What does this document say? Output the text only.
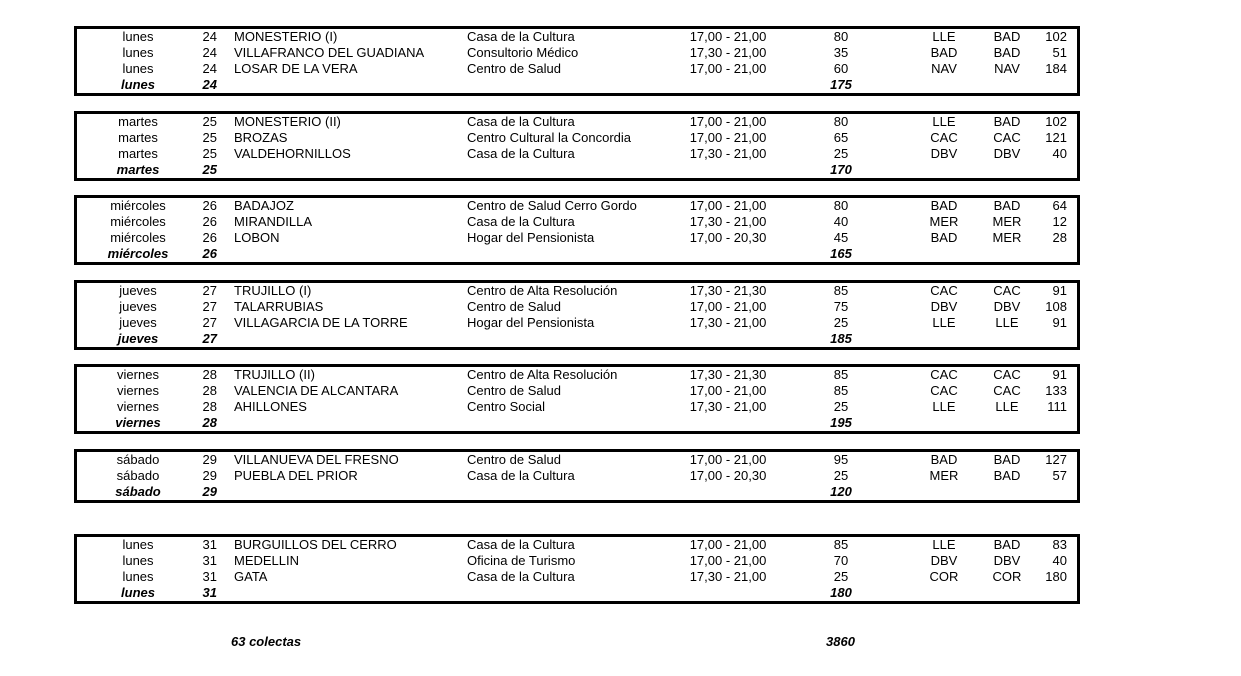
lunes	24 MONESTERIO (I)	Casa de la Cultura	17,00 - 21,00	80	LLE	BAD	102
lunes	24 VILLAFRANCO DEL GUADIANA	Consultorio Médico	17,30 - 21,00	35	BAD	BAD	51
lunes	24 LOSAR DE LA VERA	Centro de Salud	17,00 - 21,00	60	NAV	NAV	184
lunes	24	175
martes	25 MONESTERIO (II)	Casa de la Cultura	17,00 - 21,00	80	LLE	BAD	102
martes	25 BROZAS	Centro Cultural la Concordia	17,00 - 21,00	65	CAC	CAC	121
martes	25 VALDEHORNILLOS	Casa de la Cultura	17,30 - 21,00	25	DBV	DBV	40
martes	25	170
miércoles	26 BADAJOZ	Centro de Salud Cerro Gordo	17,00 - 21,00	80	BAD	BAD	64
miércoles	26 MIRANDILLA	Casa de la Cultura	17,30 - 21,00	40	MER	MER	12
miércoles	26 LOBON	Hogar del Pensionista	17,00 - 20,30	45	BAD	MER	28
miércoles	26	165
jueves	27 TRUJILLO (I)	Centro de Alta Resolución	17,30 - 21,30	85	CAC	CAC	91
jueves	27 TALARRUBIAS	Centro de Salud	17,00 - 21,00	75	DBV	DBV	108
jueves	27 VILLAGARCIA DE LA TORRE	Hogar del Pensionista	17,30 - 21,00	25	LLE	LLE	91
jueves	27	185
viernes	28 TRUJILLO (II)	Centro de Alta Resolución	17,30 - 21,30	85	CAC	CAC	91
viernes	28 VALENCIA DE ALCANTARA	Centro de Salud	17,00 - 21,00	85	CAC	CAC	133
viernes	28 AHILLONES	Centro Social	17,30 - 21,00	25	LLE	LLE	111
viernes	28	195
sábado	29 VILLANUEVA DEL FRESNO	Centro de Salud	17,00 - 21,00	95	BAD	BAD	127
sábado	29 PUEBLA DEL PRIOR	Casa de la Cultura	17,00 - 20,30	25	MER	BAD	57
sábado	29	120
lunes	31 BURGUILLOS DEL CERRO	Casa de la Cultura	17,00 - 21,00	85	LLE	BAD	83
lunes	31 MEDELLIN	Oficina de Turismo	17,00 - 21,00	70	DBV	DBV	40
lunes	31 GATA	Casa de la Cultura	17,30 - 21,00	25	COR	COR	180
lunes	31	180
63 colectas	3860
